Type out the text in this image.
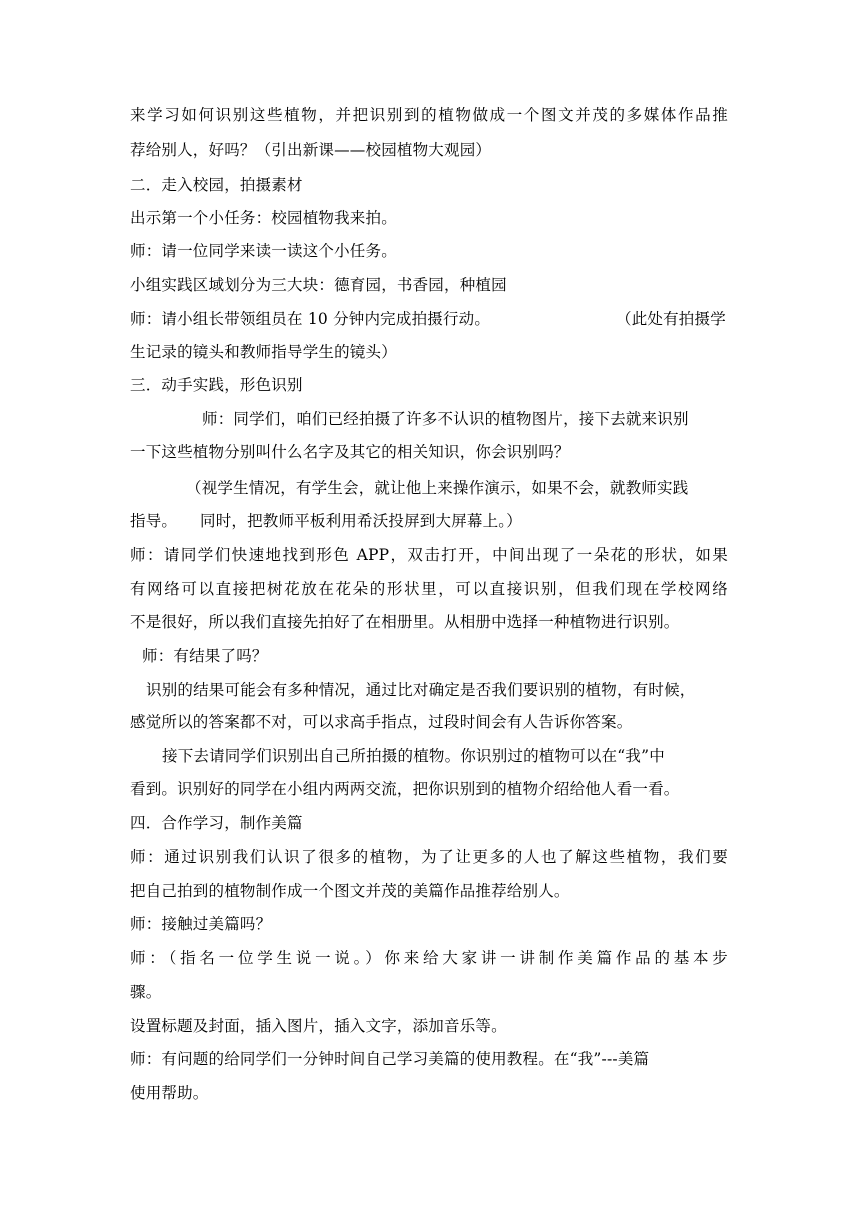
来学习如何识别这些植物，并把识别到的植物做成一个图文并茂的多媒体作品推
荐给别人，好吗？（引出新课——校园植物大观园）
二．走入校园，拍摄素材
出示第一个小任务：校园植物我来拍。
师：请一位同学来读一读这个小任务。
小组实践区域划分为三大块：德育园，书香园，种植园
师：请小组长带领组员在 10 分钟内完成拍摄行动。	（此处有拍摄学
生记录的镜头和教师指导学生的镜头）
三．动手实践，形色识别
师：同学们，咱们已经拍摄了许多不认识的植物图片，接下去就来识别
一下这些植物分别叫什么名字及其它的相关知识，你会识别吗？
（视学生情况，有学生会，就让他上来操作演示，如果不会，就教师实践
指导。 同时，把教师平板利用希沃投屏到大屏幕上。）
师：请同学们快速地找到形色 APP，双击打开，中间出现了一朵花的形状，如果
有网络可以直接把树花放在花朵的形状里，可以直接识别，但我们现在学校网络
不是很好，所以我们直接先拍好了在相册里。从相册中选择一种植物进行识别。
师：有结果了吗？
识别的结果可能会有多种情况，通过比对确定是否我们要识别的植物，有时候，
感觉所以的答案都不对，可以求高手指点，过段时间会有人告诉你答案。
接下去请同学们识别出自己所拍摄的植物。你识别过的植物可以在“我”中
看到。识别好的同学在小组内两两交流，把你识别到的植物介绍给他人看一看。
四．合作学习，制作美篇
师：通过识别我们认识了很多的植物，为了让更多的人也了解这些植物，我们要
把自己拍到的植物制作成一个图文并茂的美篇作品推荐给别人。
师：接触过美篇吗？
师：（指名一位学生说一说。）你来给大家讲一讲制作美篇作品的基本步
骤。
设置标题及封面，插入图片，插入文字，添加音乐等。
师：有问题的给同学们一分钟时间自己学习美篇的使用教程。在“我”---美篇
使用帮助。
